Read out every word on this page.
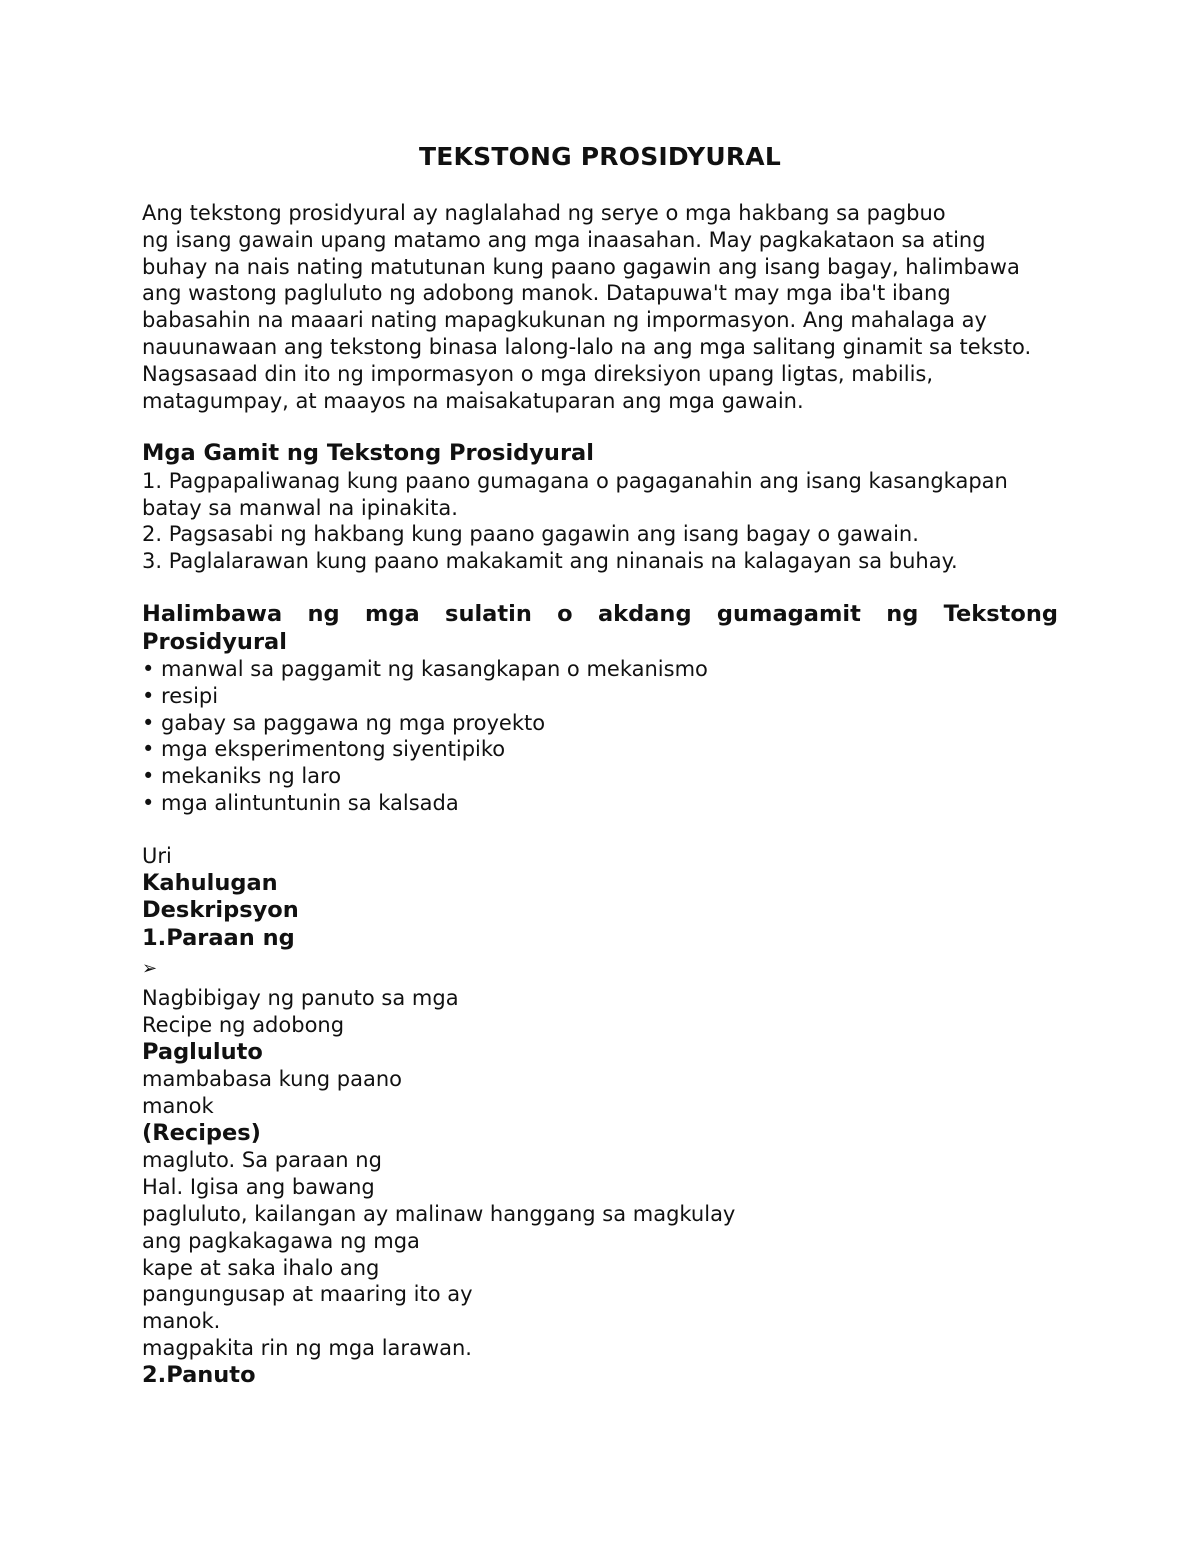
TEKSTONG PROSIDYURAL
Ang tekstong prosidyural ay naglalahad ng serye o mga hakbang sa pagbuo
ng isang gawain upang matamo ang mga inaasahan. May pagkakataon sa ating
buhay na nais nating matutunan kung paano gagawin ang isang bagay, halimbawa
ang wastong pagluluto ng adobong manok. Datapuwa't may mga iba't ibang
babasahin na maaari nating mapagkukunan ng impormasyon. Ang mahalaga ay
nauunawaan ang tekstong binasa lalong-lalo na ang mga salitang ginamit sa teksto.
Nagsasaad din ito ng impormasyon o mga direksiyon upang ligtas, mabilis,
matagumpay, at maayos na maisakatuparan ang mga gawain.
Mga Gamit ng Tekstong Prosidyural
1. Pagpapaliwanag kung paano gumagana o pagaganahin ang isang kasangkapan
batay sa manwal na ipinakita.
2. Pagsasabi ng hakbang kung paano gagawin ang isang bagay o gawain.
3. Paglalarawan kung paano makakamit ang ninanais na kalagayan sa buhay.
Halimbawa ng mga sulatin o akdang gumagamit ng Tekstong
Prosidyural
• manwal sa paggamit ng kasangkapan o mekanismo
• resipi
• gabay sa paggawa ng mga proyekto
• mga eksperimentong siyentipiko
• mekaniks ng laro
• mga alintuntunin sa kalsada
Uri
Kahulugan
Deskripsyon
1.Paraan ng
➢
Nagbibigay ng panuto sa mga
Recipe ng adobong
Pagluluto
mambabasa kung paano
manok
(Recipes)
magluto. Sa paraan ng
Hal. Igisa ang bawang
pagluluto, kailangan ay malinaw hanggang sa magkulay
ang pagkakagawa ng mga
kape at saka ihalo ang
pangungusap at maaring ito ay
manok.
magpakita rin ng mga larawan.
2.Panuto
